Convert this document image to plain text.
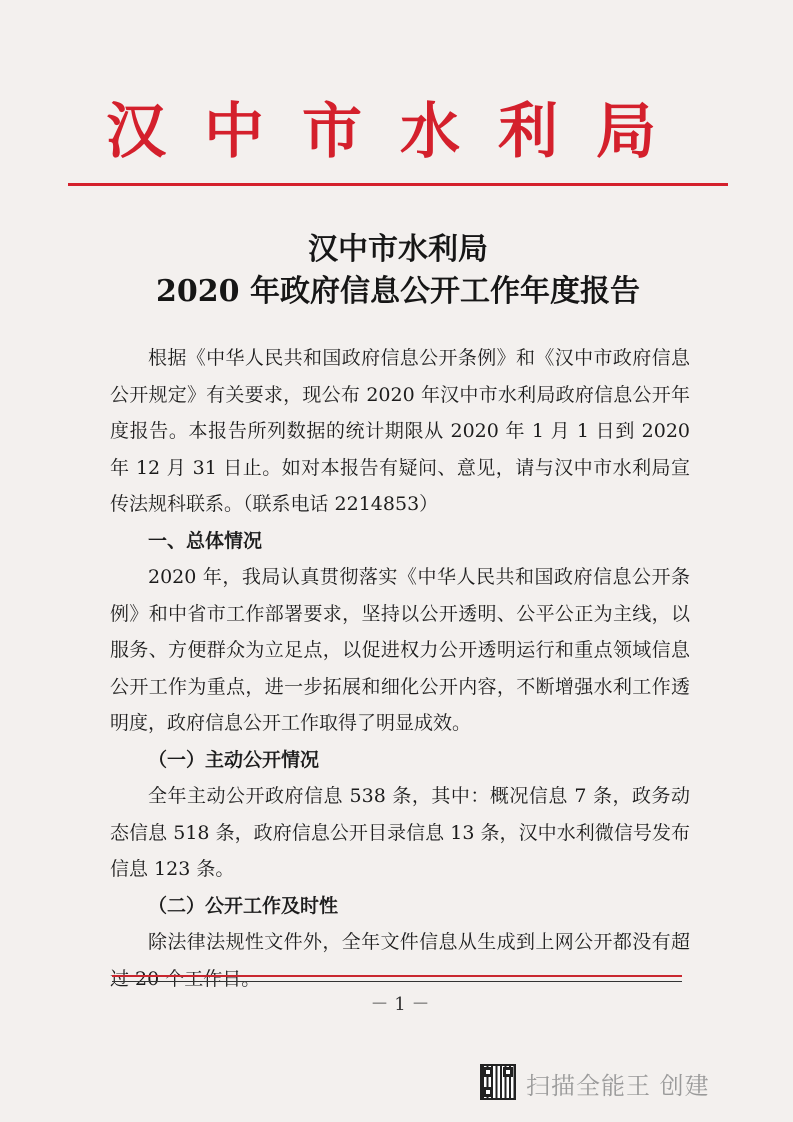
汉中市水利局
汉中市水利局
2020 年政府信息公开工作年度报告

根据《中华人民共和国政府信息公开条例》和《汉中市政府信息公开规定》有关要求，现公布 2020 年汉中市水利局政府信息公开年度报告。本报告所列数据的统计期限从 2020 年 1 月 1 日到 2020 年 12 月 31 日止。如对本报告有疑问、意见，请与汉中市水利局宣传法规科联系。（联系电话 2214853）

一、总体情况

2020 年，我局认真贯彻落实《中华人民共和国政府信息公开条例》和中省市工作部署要求，坚持以公开透明、公平公正为主线，以服务、方便群众为立足点，以促进权力公开透明运行和重点领域信息公开工作为重点，进一步拓展和细化公开内容，不断增强水利工作透明度，政府信息公开工作取得了明显成效。

（一）主动公开情况

全年主动公开政府信息 538 条，其中：概况信息 7 条，政务动态信息 518 条，政府信息公开目录信息 13 条，汉中水利微信号发布信息 123 条。

（二）公开工作及时性

除法律法规性文件外，全年文件信息从生成到上网公开都没有超过 20 个工作日。

－ 1 －
扫描全能王 创建
